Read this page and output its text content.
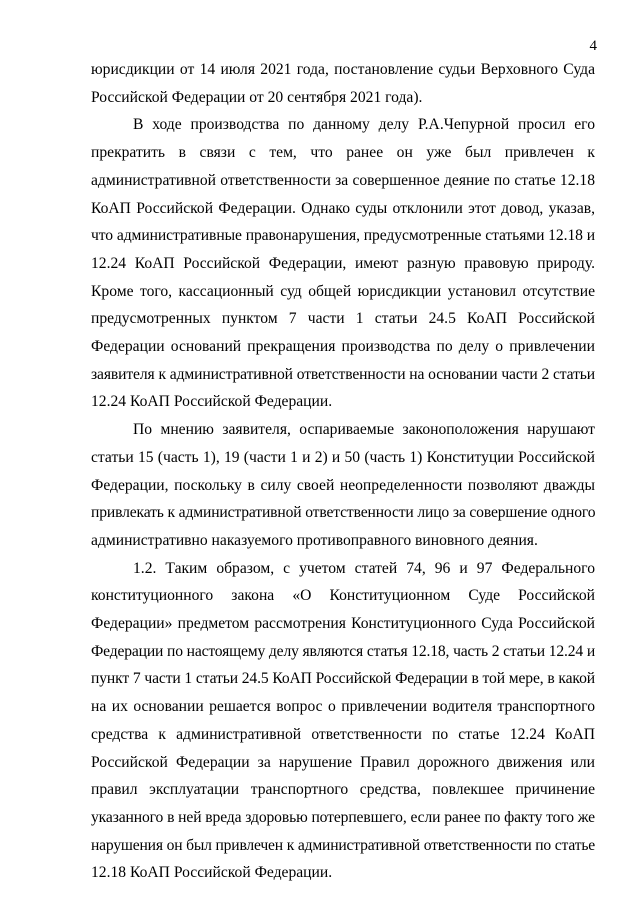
4

юрисдикции от 14 июля 2021 года, постановление судьи Верховного Суда
Российской Федерации от 20 сентября 2021 года).

В ходе производства по данному делу Р.А.Чепурной просил его
прекратить в связи с тем, что ранее он уже был привлечен к
административной ответственности за совершенное деяние по статье 12.18
КоАП Российской Федерации. Однако суды отклонили этот довод, указав,
что административные правонарушения, предусмотренные статьями 12.18 и
12.24 КоАП Российской Федерации, имеют разную правовую природу.
Кроме того, кассационный суд общей юрисдикции установил отсутствие
предусмотренных пунктом 7 части 1 статьи 24.5 КоАП Российской
Федерации оснований прекращения производства по делу о привлечении
заявителя к административной ответственности на основании части 2 статьи
12.24 КоАП Российской Федерации.

По мнению заявителя, оспариваемые законоположения нарушают
статьи 15 (часть 1), 19 (части 1 и 2) и 50 (часть 1) Конституции Российской
Федерации, поскольку в силу своей неопределенности позволяют дважды
привлекать к административной ответственности лицо за совершение одного
административно наказуемого противоправного виновного деяния.

1.2. Таким образом, с учетом статей 74, 96 и 97 Федерального
конституционного закона «О Конституционном Суде Российской
Федерации» предметом рассмотрения Конституционного Суда Российской
Федерации по настоящему делу являются статья 12.18, часть 2 статьи 12.24 и
пункт 7 части 1 статьи 24.5 КоАП Российской Федерации в той мере, в какой
на их основании решается вопрос о привлечении водителя транспортного
средства к административной ответственности по статье 12.24 КоАП
Российской Федерации за нарушение Правил дорожного движения или
правил эксплуатации транспортного средства, повлекшее причинение
указанного в ней вреда здоровью потерпевшего, если ранее по факту того же
нарушения он был привлечен к административной ответственности по статье
12.18 КоАП Российской Федерации.
